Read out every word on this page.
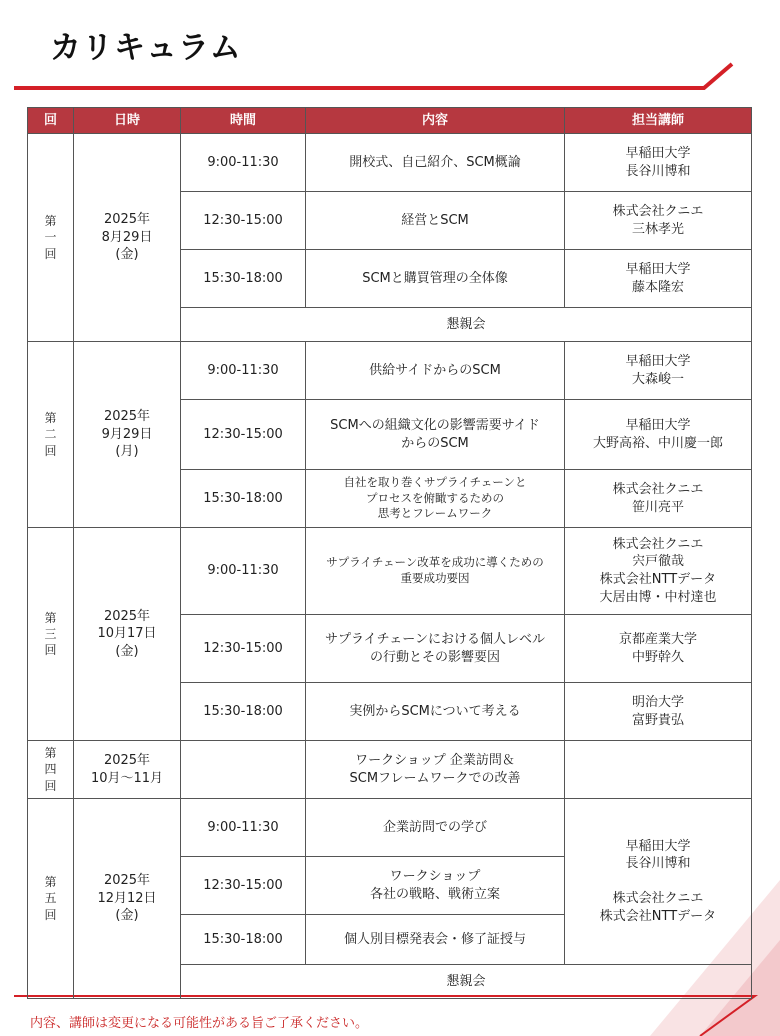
カリキュラム
回	日時	時間	内容	担当講師
第
一
回	2025年
8月29日
(金)	9:00-11:30	開校式、自己紹介、SCM概論	早稲田大学
長谷川博和
		12:30-15:00	経営とSCM	株式会社クニエ
三林孝光
		15:30-18:00	SCMと購買管理の全体像	早稲田大学
藤本隆宏
		懇親会		
第
二
回	2025年
9月29日
(月)	9:00-11:30	供給サイドからのSCM	早稲田大学
大森峻一
		12:30-15:00	SCMへの組織文化の影響需要サイド
からのSCM	早稲田大学
大野高裕、中川慶一郎
		15:30-18:00	自社を取り巻くサプライチェーンと
プロセスを俯瞰するための
思考とフレームワーク	株式会社クニエ
笹川亮平
第
三
回	2025年
10月17日
(金)	9:00-11:30	サプライチェーン改革を成功に導くための
重要成功要因	株式会社クニエ
宍戸徹哉
株式会社NTTデータ
大居由博・中村達也
		12:30-15:00	サプライチェーンにおける個人レベル
の行動とその影響要因	京都産業大学
中野幹久
		15:30-18:00	実例からSCMについて考える	明治大学
富野貴弘
第
四
回	2025年
10月～11月		ワークショップ 企業訪問＆
SCMフレームワークでの改善	
第
五
回	2025年
12月12日
(金)	9:00-11:30	企業訪問での学び	早稲田大学
長谷川博和

株式会社クニエ
株式会社NTTデータ
		12:30-15:00	ワークショップ
各社の戦略、戦術立案	
		15:30-18:00	個人別目標発表会・修了証授与	
		懇親会		

内容、講師は変更になる可能性がある旨ご了承ください。
